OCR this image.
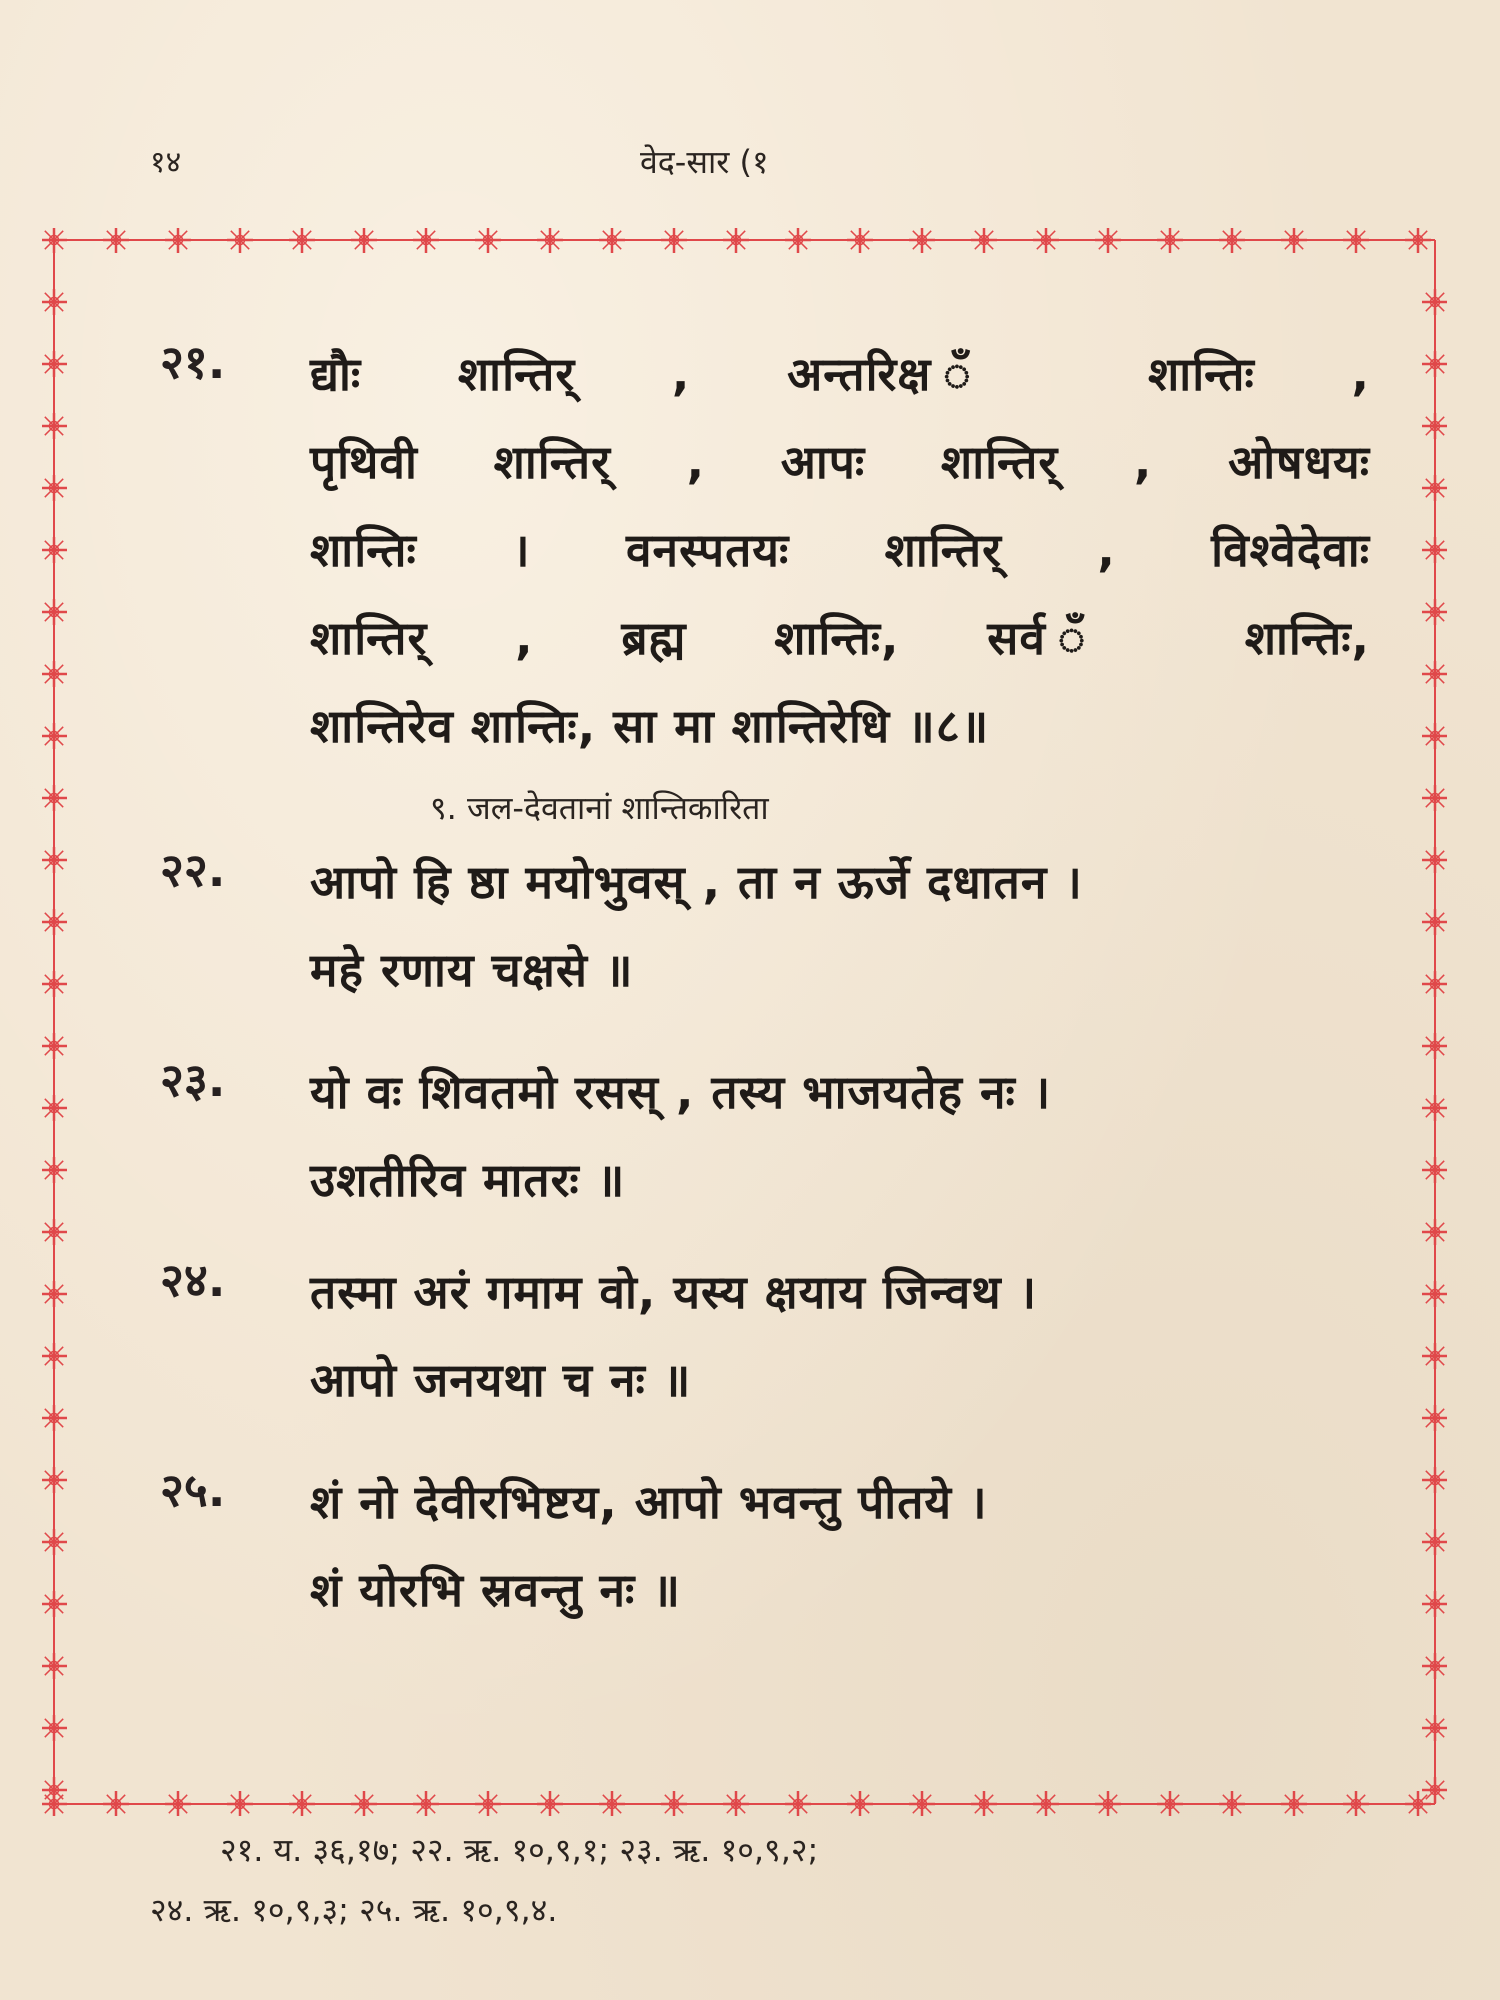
१४	वेद-सार (१
२१. द्यौः शान्तिर् , अन्तरिक्ष ॅं शान्तिः ,
पृथिवी शान्तिर् , आपः शान्तिर् , ओषधयः
शान्तिः । वनस्पतयः शान्तिर् , विश्वेदेवाः
शान्तिर् , ब्रह्म शान्तिः, सर्व ॅं शान्तिः,
शान्तिरेव शान्तिः, सा मा शान्तिरेधि ॥८॥
९. जल-देवतानां शान्तिकारिता
२२. आपो हि ष्ठा मयोभुवस् , ता न ऊर्जे दधातन ।
महे रणाय चक्षसे ॥
२३. यो वः शिवतमो रसस् , तस्य भाजयतेह नः ।
उशतीरिव मातरः ॥
२४. तस्मा अरं गमाम वो, यस्य क्षयाय जिन्वथ ।
आपो जनयथा च नः ॥
२५. शं नो देवीरभिष्टय, आपो भवन्तु पीतये ।
शं योरभि स्रवन्तु नः ॥
२१. य. ३६,१७; २२. ऋ. १०,९,१; २३. ऋ. १०,९,२;
२४. ऋ. १०,९,३; २५. ऋ. १०,९,४.
